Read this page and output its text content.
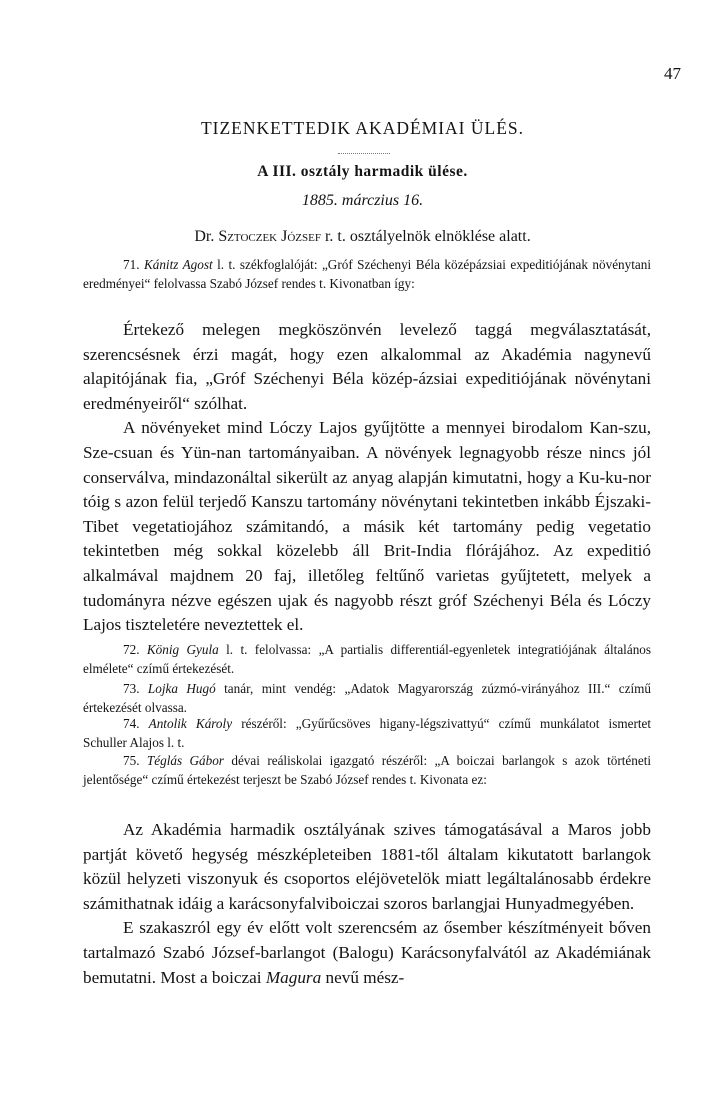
47
TIZENKETTEDIK AKADÉMIAI ÜLÉS.
A III. osztály harmadik ülése.
1885. márczius 16.
Dr. Sztoczek József r. t. osztályelnök elnöklése alatt.
71. Kánitz Agost l. t. székfoglalóját: „Gróf Széchenyi Béla középázsiai expeditiójának növénytani eredményei“ felolvassa Szabó József rendes t. Kivonatban így:

Értekező melegen megköszönvén levelező taggá megválasztatását, szerencsésnek érzi magát, hogy ezen alkalommal az Akadémia nagynevű alapitójának fia, „Gróf Széchenyi Béla közép-ázsiai expeditiójának növénytani eredményeiről“ szólhat.

A növényeket mind Lóczy Lajos gyűjtötte a mennyei birodalom Kan-szu, Sze-csuan és Yün-nan tartományaiban. A növények legnagyobb része nincs jól conserválva, mindazonáltal sikerült az anyag alapján kimutatni, hogy a Ku-ku-nor tóig s azon felül terjedő Kanszu tartomány növénytani tekintetben inkább Éjszaki-Tibet vegetatiojához számitandó, a másik két tartomány pedig vegetatio tekintetben még sokkal közelebb áll Brit-India flórájához. Az expeditió alkalmával majdnem 20 faj, illetőleg feltűnő varietas gyűjtetett, melyek a tudományra nézve egészen ujak és nagyobb részt gróf Széchenyi Béla és Lóczy Lajos tiszteletére neveztettek el.

72. König Gyula l. t. felolvassa: „A partialis differentiál-egyenletek integratiójának általános elmélete“ czímű értekezését.
73. Lojka Hugó tanár, mint vendég: „Adatok Magyarország zúzmó-virányához III.“ czímű értekezését olvassa.
74. Antolik Károly részéről: „Gyűrűcsöves higany-légszivattyú“ czímű munkálatot ismertet Schuller Alajos l. t.
75. Téglás Gábor dévai reáliskolai igazgató részéről: „A boiczai barlangok s azok történeti jelentősége“ czímű értekezést terjeszt be Szabó József rendes t. Kivonata ez:

Az Akadémia harmadik osztályának szives támogatásával a Maros jobb partját követő hegység mészképleteiben 1881-től általam kikutatott barlangok közül helyzeti viszonyuk és csoportos eléjövetelök miatt legáltalánosabb érdekre számithatnak idáig a karácsonyfalviboiczai szoros barlangjai Hunyadmegyében.

E szakaszról egy év előtt volt szerencsém az ősember készítményeit bőven tartalmazó Szabó József-barlangot (Balogu) Karácsonyfalvától az Akadémiának bemutatni. Most a boiczai Magura nevű mész-
